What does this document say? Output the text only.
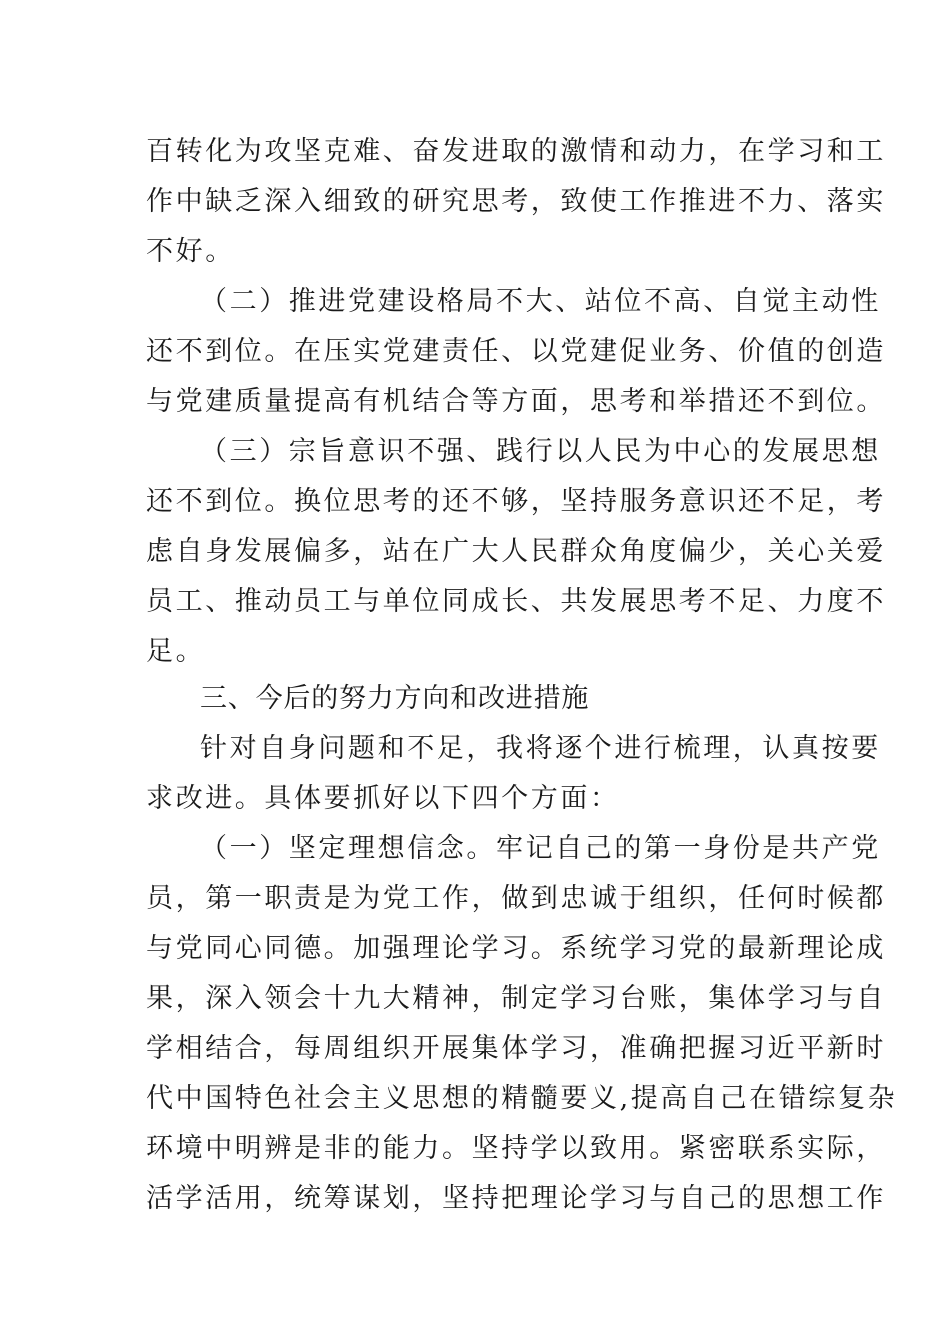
百转化为攻坚克难、奋发进取的激情和动力，在学习和工
作中缺乏深入细致的研究思考，致使工作推进不力、落实
不好。
（二）推进党建设格局不大、站位不高、自觉主动性
还不到位。在压实党建责任、以党建促业务、价值的创造
与党建质量提高有机结合等方面，思考和举措还不到位。
（三）宗旨意识不强、践行以人民为中心的发展思想
还不到位。换位思考的还不够，坚持服务意识还不足，考
虑自身发展偏多，站在广大人民群众角度偏少，关心关爱
员工、推动员工与单位同成长、共发展思考不足、力度不
足。
三、今后的努力方向和改进措施
针对自身问题和不足，我将逐个进行梳理，认真按要
求改进。具体要抓好以下四个方面：
（一）坚定理想信念。牢记自己的第一身份是共产党
员，第一职责是为党工作，做到忠诚于组织，任何时候都
与党同心同德。加强理论学习。系统学习党的最新理论成
果，深入领会十九大精神，制定学习台账，集体学习与自
学相结合，每周组织开展集体学习，准确把握习近平新时
代中国特色社会主义思想的精髓要义,提高自己在错综复杂
环境中明辨是非的能力。坚持学以致用。紧密联系实际，
活学活用，统筹谋划，坚持把理论学习与自己的思想工作
